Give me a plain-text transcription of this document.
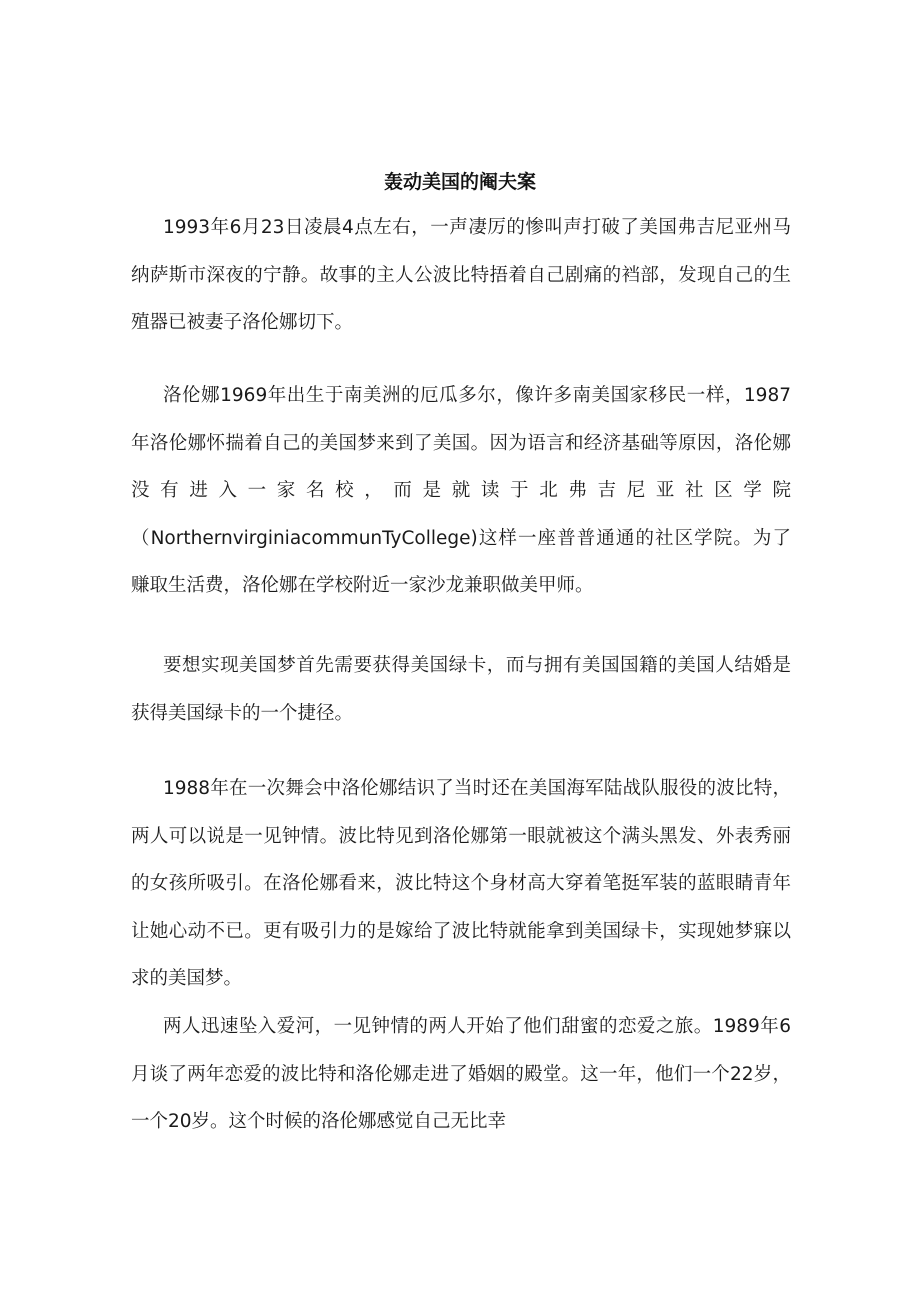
轰动美国的阉夫案

1993年6月23日凌晨4点左右，一声凄厉的惨叫声打破了美国弗吉尼亚州马纳萨斯市深夜的宁静。故事的主人公波比特捂着自己剧痛的裆部，发现自己的生殖器已被妻子洛伦娜切下。

洛伦娜1969年出生于南美洲的厄瓜多尔，像许多南美国家移民一样，1987年洛伦娜怀揣着自己的美国梦来到了美国。因为语言和经济基础等原因，洛伦娜没有进入一家名校，而是就读于北弗吉尼亚社区学院（NorthernvirginiacommunTyCollege)这样一座普普通通的社区学院。为了赚取生活费，洛伦娜在学校附近一家沙龙兼职做美甲师。

要想实现美国梦首先需要获得美国绿卡，而与拥有美国国籍的美国人结婚是获得美国绿卡的一个捷径。

1988年在一次舞会中洛伦娜结识了当时还在美国海军陆战队服役的波比特，两人可以说是一见钟情。波比特见到洛伦娜第一眼就被这个满头黑发、外表秀丽的女孩所吸引。在洛伦娜看来，波比特这个身材高大穿着笔挺军装的蓝眼睛青年让她心动不已。更有吸引力的是嫁给了波比特就能拿到美国绿卡，实现她梦寐以求的美国梦。

两人迅速坠入爱河，一见钟情的两人开始了他们甜蜜的恋爱之旅。1989年6月谈了两年恋爱的波比特和洛伦娜走进了婚姻的殿堂。这一年，他们一个22岁，一个20岁。这个时候的洛伦娜感觉自己无比幸
